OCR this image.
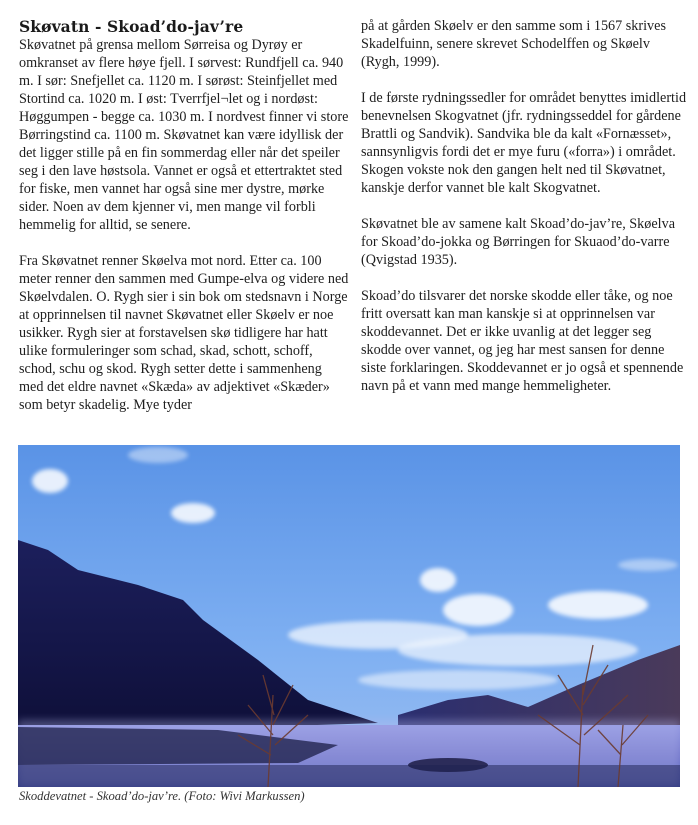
Skøvatn - Skoad’do-jav’re

Skøvatnet på grensa mellom Sørreisa og Dyrøy er omkranset av flere høye fjell. I sørvest: Rundfjell ca. 940 m. I sør: Snefjellet ca. 1120 m. I sørøst: Steinfjellet med Stortind ca. 1020 m. I øst: Tverrfjel¬let og i nordøst: Høggumpen - begge ca. 1030 m. I nordvest finner vi store Børringstind ca. 1100 m. Skøvatnet kan være idyllisk der det ligger stille på en fin sommerdag eller når det speiler seg i den lave høstsola. Vannet er også et ettertraktet sted for fiske, men vannet har også sine mer dystre, mørke sider. Noen av dem kjenner vi, men mange vil forbli hemmelig for alltid, se senere.

Fra Skøvatnet renner Skøelva mot nord. Etter ca. 100 meter renner den sammen med Gumpe-elva og videre ned Skøelvdalen. O. Rygh sier i sin bok om stedsnavn i Norge at opprinnelsen til navnet Skøvatnet eller Skøelv er noe usikker. Rygh sier at forstavelsen skø tidligere har hatt ulike formuleringer som schad, skad, schott, schoff, schod, schu og skod. Rygh setter dette i sammenheng med det eldre navnet «Skæda» av adjektivet «Skæder» som betyr skadelig. Mye tyder

på at gården Skøelv er den samme som i 1567 skrives Skadelfuinn, senere skrevet Schodelffen og Skøelv (Rygh, 1999).

I de første rydningssedler for området benyttes imidlertid benevnelsen Skogvatnet (jfr. rydningsseddel for gårdene Brattli og Sandvik). Sandvika ble da kalt «Fornæsset», sannsynligvis fordi det er mye furu («forra») i området. Skogen vokste nok den gangen helt ned til Skøvatnet, kanskje derfor vannet ble kalt Skogvatnet.

Skøvatnet ble av samene kalt Skoad’do-jav’re, Skøelva for Skoad’do-jokka og Børringen for Skuaod’do-varre (Qvigstad 1935).

Skoad’do tilsvarer det norske skodde eller tåke, og noe fritt oversatt kan man kanskje si at opprinnelsen var skoddevannet. Det er ikke uvanlig at det legger seg skodde over vannet, og jeg har mest sansen for denne siste forklaringen. Skoddevannet er jo også et spennende navn på et vann med mange hemmeligheter.

Skoddevatnet - Skoad’do-jav’re. (Foto: Wivi Markussen)
